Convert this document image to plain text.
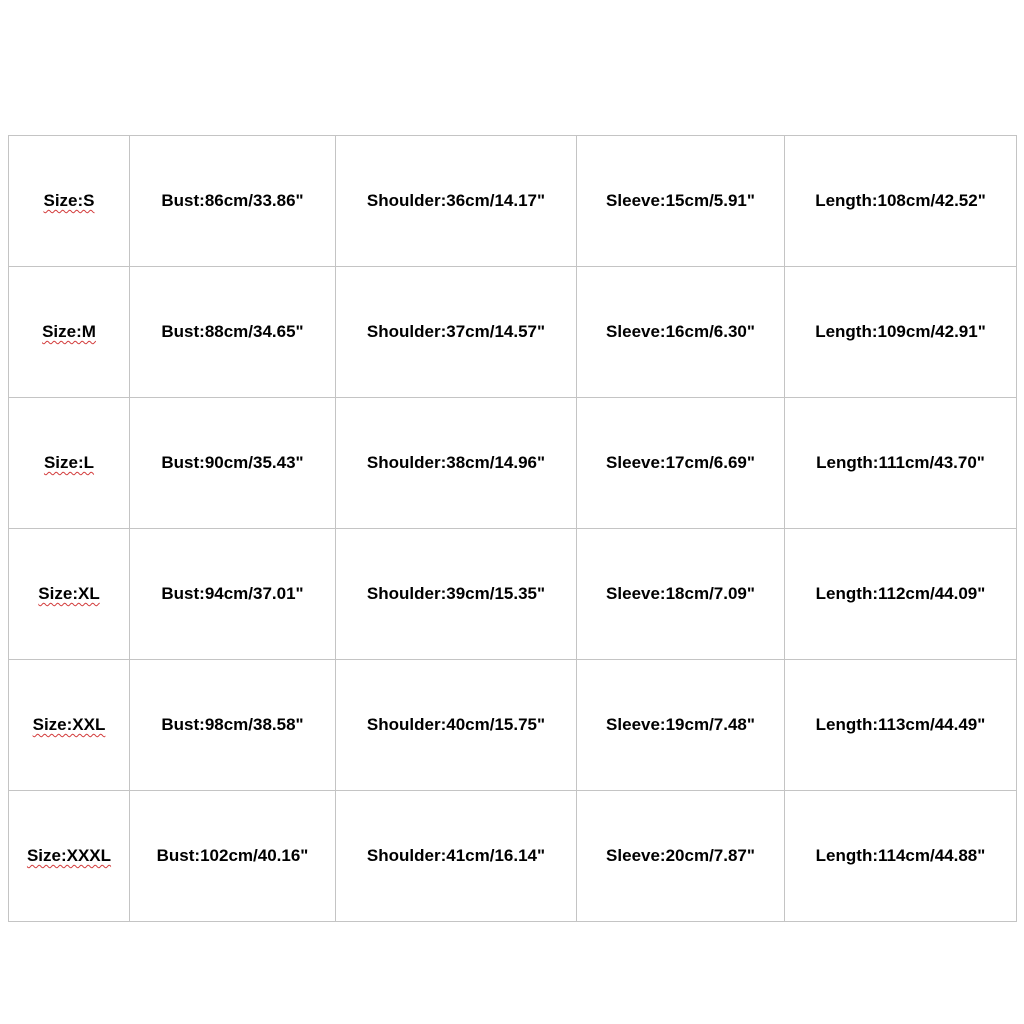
Size:S	Bust:86cm/33.86"	Shoulder:36cm/14.17"	Sleeve:15cm/5.91"	Length:108cm/42.52"
Size:M	Bust:88cm/34.65"	Shoulder:37cm/14.57"	Sleeve:16cm/6.30"	Length:109cm/42.91"
Size:L	Bust:90cm/35.43"	Shoulder:38cm/14.96"	Sleeve:17cm/6.69"	Length:111cm/43.70"
Size:XL	Bust:94cm/37.01"	Shoulder:39cm/15.35"	Sleeve:18cm/7.09"	Length:112cm/44.09"
Size:XXL	Bust:98cm/38.58"	Shoulder:40cm/15.75"	Sleeve:19cm/7.48"	Length:113cm/44.49"
Size:XXXL	Bust:102cm/40.16"	Shoulder:41cm/16.14"	Sleeve:20cm/7.87"	Length:114cm/44.88"
